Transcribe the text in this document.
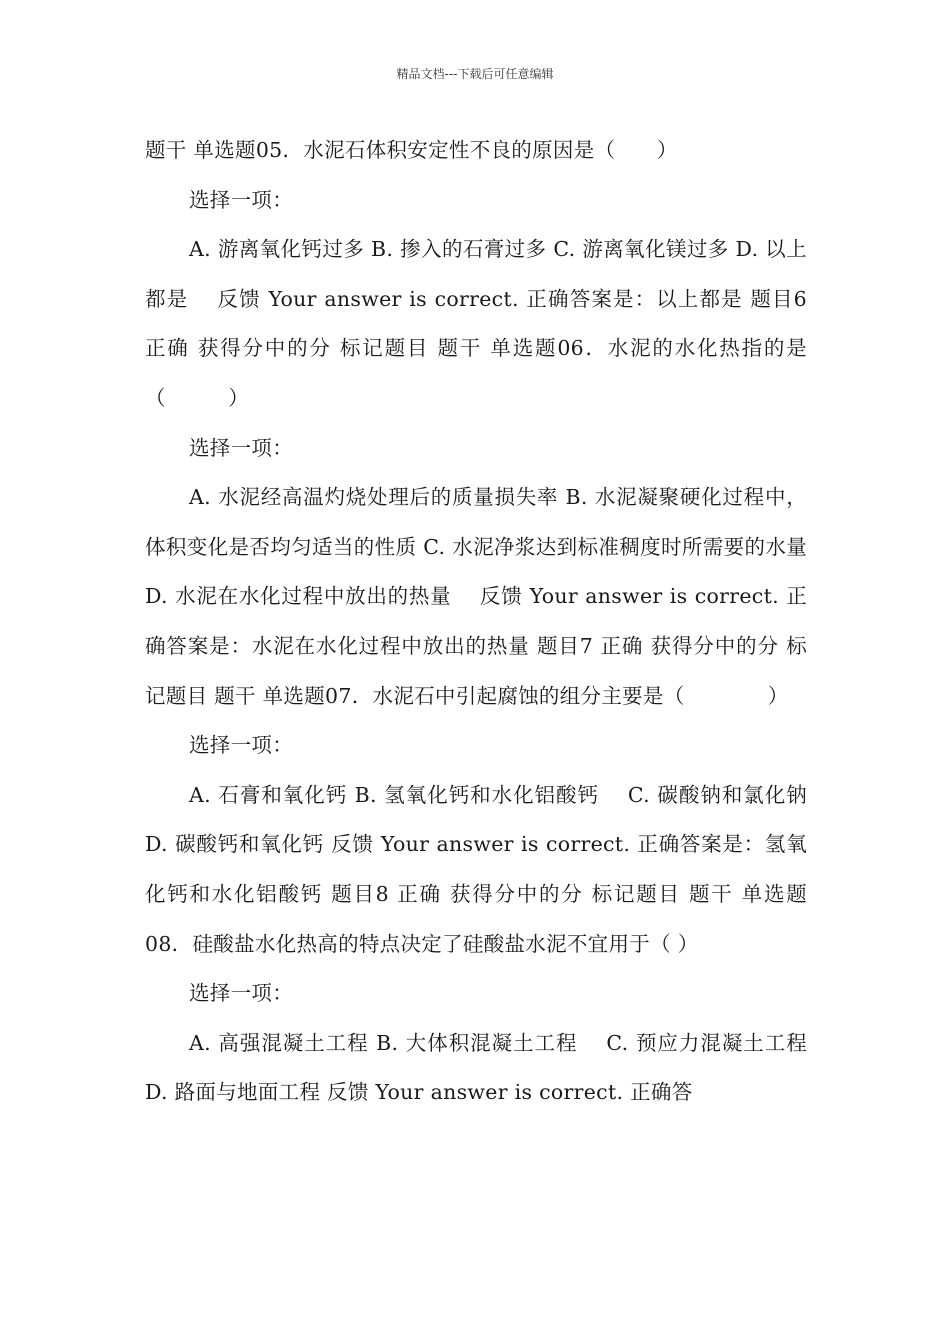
精品文档---下载后可任意编辑

题干 单选题05．水泥石体积安定性不良的原因是（　　）

选择一项：

A. 游离氧化钙过多 B. 掺入的石膏过多 C. 游离氧化镁过多 D. 以上都是　 反馈 Your answer is correct. 正确答案是：以上都是 题目6 正确 获得分中的分 标记题目 题干 单选题06．水泥的水化热指的是（　　　）

选择一项：

A. 水泥经高温灼烧处理后的质量损失率 B. 水泥凝聚硬化过程中，体积变化是否均匀适当的性质 C. 水泥净浆达到标准稠度时所需要的水量 D. 水泥在水化过程中放出的热量　 反馈 Your answer is correct. 正确答案是：水泥在水化过程中放出的热量 题目7 正确 获得分中的分 标记题目 题干 单选题07．水泥石中引起腐蚀的组分主要是（　　　　）

选择一项：

A. 石膏和氧化钙 B. 氢氧化钙和水化铝酸钙　 C. 碳酸钠和氯化钠 D. 碳酸钙和氧化钙 反馈 Your answer is correct. 正确答案是：氢氧化钙和水化铝酸钙 题目8 正确 获得分中的分 标记题目 题干 单选题08．硅酸盐水化热高的特点决定了硅酸盐水泥不宜用于（ ）

选择一项：

A. 高强混凝土工程 B. 大体积混凝土工程　 C. 预应力混凝土工程 D. 路面与地面工程 反馈 Your answer is correct. 正确答
